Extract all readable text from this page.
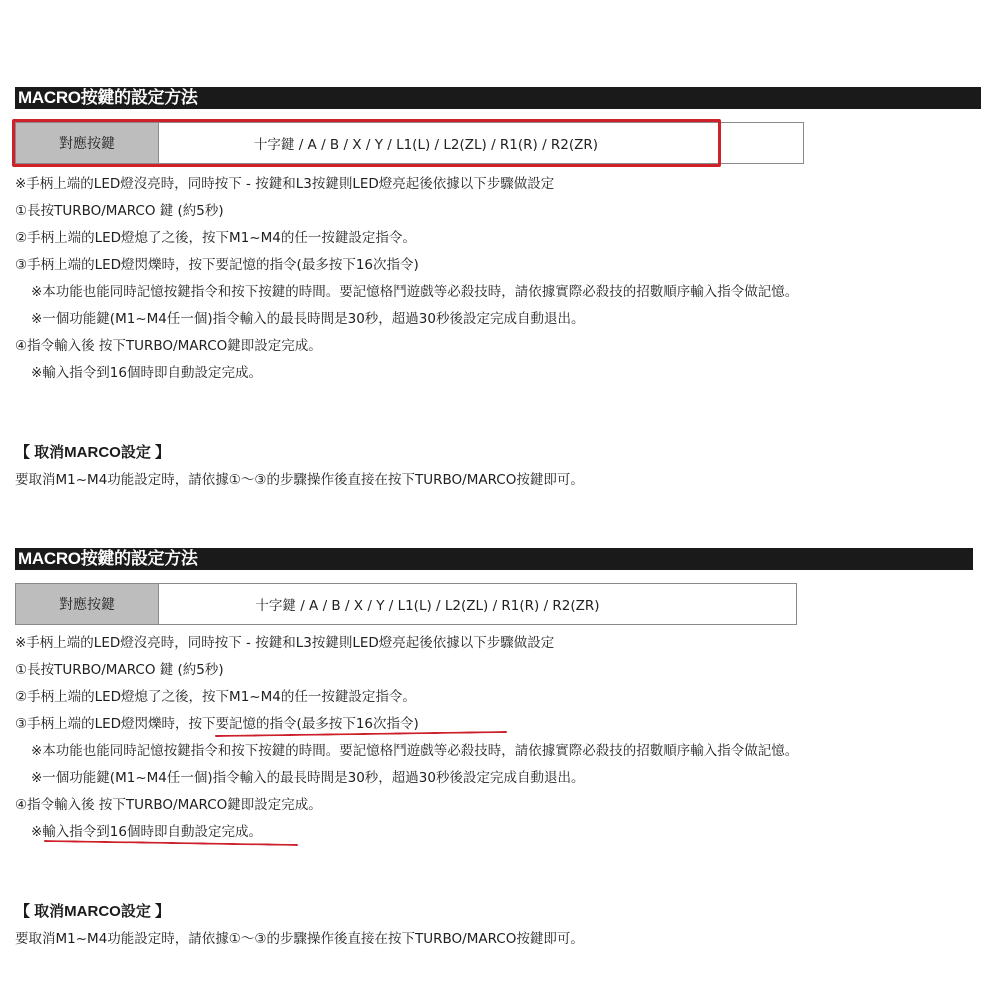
MACRO按鍵的設定方法
對應按鍵	十字鍵 / A / B / X / Y / L1(L) / L2(ZL) / R1(R) / R2(ZR)
※手柄上端的LED燈沒亮時，同時按下 - 按鍵和L3按鍵則LED燈亮起後依據以下步驟做設定
①長按TURBO/MARCO 鍵 (約5秒)
②手柄上端的LED燈熄了之後，按下M1~M4的任一按鍵設定指令。
③手柄上端的LED燈閃爍時，按下要記憶的指令(最多按下16次指令)
※本功能也能同時記憶按鍵指令和按下按鍵的時間。要記憶格鬥遊戲等必殺技時，請依據實際必殺技的招數順序輸入指令做記憶。
※一個功能鍵(M1~M4任一個)指令輸入的最長時間是30秒，超過30秒後設定完成自動退出。
④指令輸入後 按下TURBO/MARCO鍵即設定完成。
※輸入指令到16個時即自動設定完成。
【 取消MARCO設定 】
要取消M1~M4功能設定時，請依據①～③的步驟操作後直接在按下TURBO/MARCO按鍵即可。
MACRO按鍵的設定方法
對應按鍵	十字鍵 / A / B / X / Y / L1(L) / L2(ZL) / R1(R) / R2(ZR)
※手柄上端的LED燈沒亮時，同時按下 - 按鍵和L3按鍵則LED燈亮起後依據以下步驟做設定
①長按TURBO/MARCO 鍵 (約5秒)
②手柄上端的LED燈熄了之後，按下M1~M4的任一按鍵設定指令。
③手柄上端的LED燈閃爍時，按下要記憶的指令(最多按下16次指令)
※本功能也能同時記憶按鍵指令和按下按鍵的時間。要記憶格鬥遊戲等必殺技時，請依據實際必殺技的招數順序輸入指令做記憶。
※一個功能鍵(M1~M4任一個)指令輸入的最長時間是30秒，超過30秒後設定完成自動退出。
④指令輸入後 按下TURBO/MARCO鍵即設定完成。
※輸入指令到16個時即自動設定完成。
【 取消MARCO設定 】
要取消M1~M4功能設定時，請依據①～③的步驟操作後直接在按下TURBO/MARCO按鍵即可。
